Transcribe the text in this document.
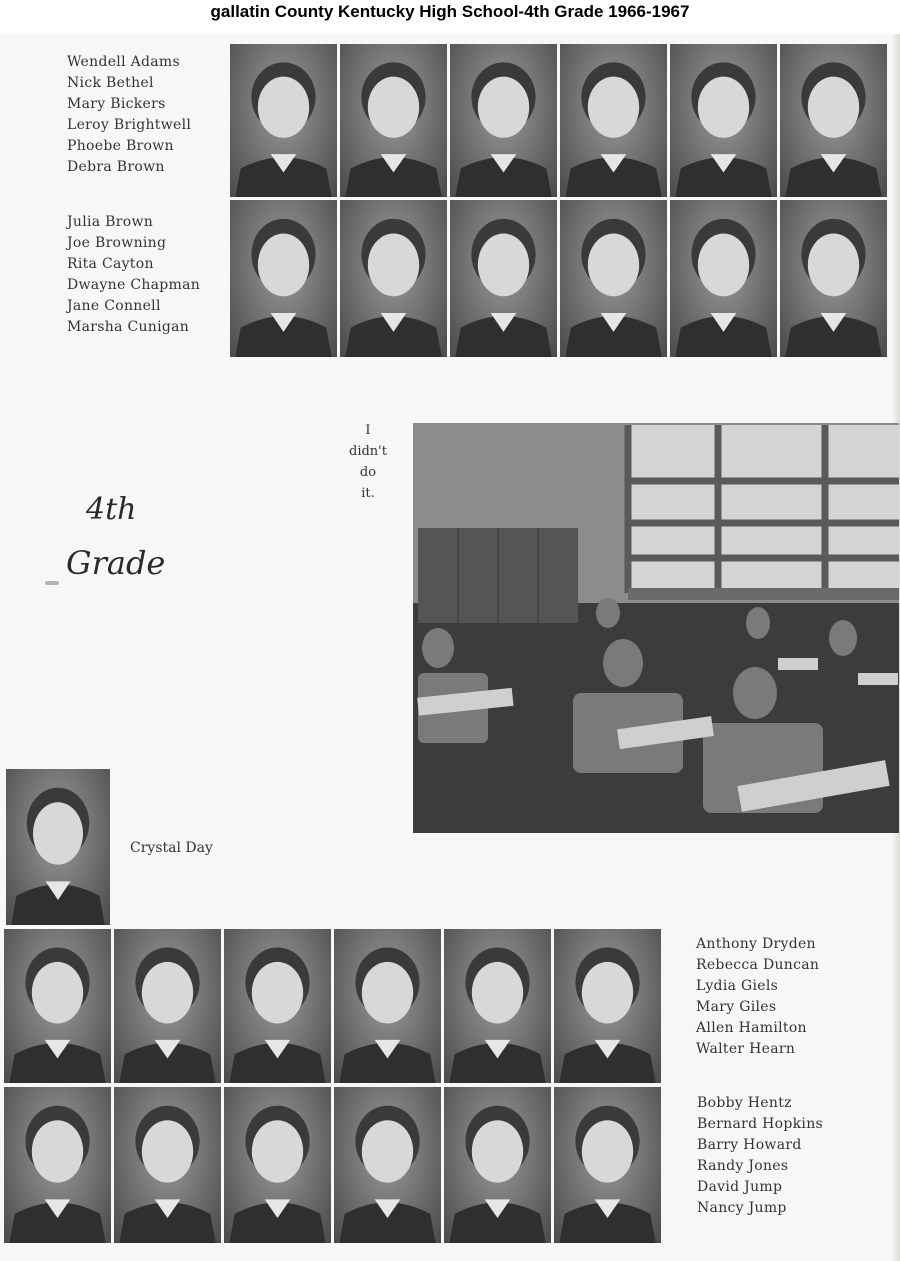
gallatin County Kentucky High School-4th Grade 1966-1967
Wendell Adams
Nick Bethel
Mary Bickers
Leroy Brightwell
Phoebe Brown
Debra Brown
Julia Brown
Joe Browning
Rita Cayton
Dwayne Chapman
Jane Connell
Marsha Cunigan
4th
Grade
I
didn't
do
it.
Crystal Day
Anthony Dryden
Rebecca Duncan
Lydia Giels
Mary Giles
Allen Hamilton
Walter Hearn
Bobby Hentz
Bernard Hopkins
Barry Howard
Randy Jones
David Jump
Nancy Jump
